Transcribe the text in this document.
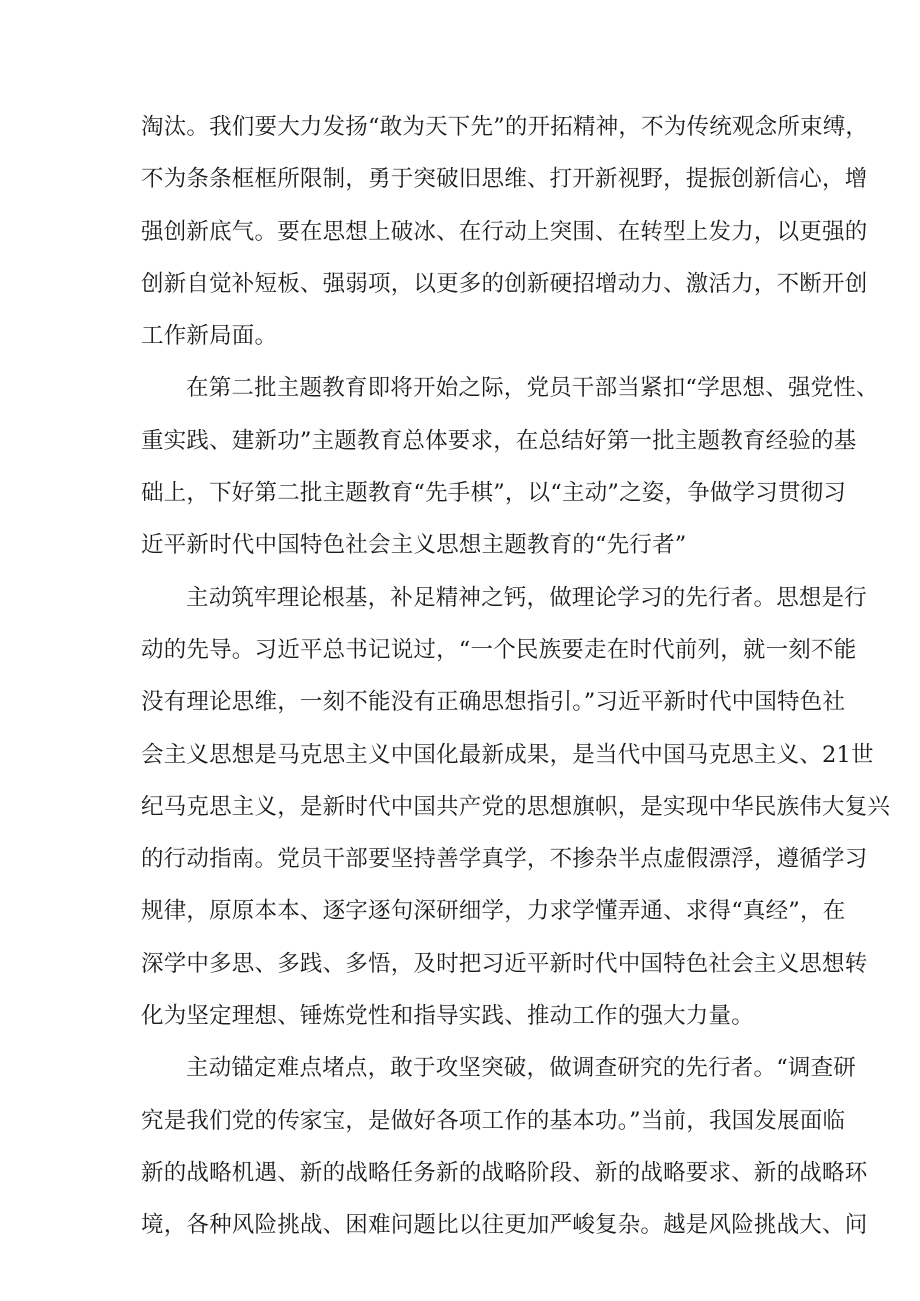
淘汰。我们要大力发扬“敢为天下先”的开拓精神，不为传统观念所束缚，
不为条条框框所限制，勇于突破旧思维、打开新视野，提振创新信心，增
强创新底气。要在思想上破冰、在行动上突围、在转型上发力，以更强的
创新自觉补短板、强弱项，以更多的创新硬招增动力、激活力，不断开创
工作新局面。
在第二批主题教育即将开始之际，党员干部当紧扣“学思想、强党性、
重实践、建新功”主题教育总体要求，在总结好第一批主题教育经验的基
础上，下好第二批主题教育“先手棋”，以“主动”之姿，争做学习贯彻习
近平新时代中国特色社会主义思想主题教育的“先行者”
主动筑牢理论根基，补足精神之钙，做理论学习的先行者。思想是行
动的先导。习近平总书记说过，“一个民族要走在时代前列，就一刻不能
没有理论思维，一刻不能没有正确思想指引。”习近平新时代中国特色社
会主义思想是马克思主义中国化最新成果，是当代中国马克思主义、21世
纪马克思主义，是新时代中国共产党的思想旗帜，是实现中华民族伟大复兴
的行动指南。党员干部要坚持善学真学，不掺杂半点虚假漂浮，遵循学习
规律，原原本本、逐字逐句深研细学，力求学懂弄通、求得“真经”，在
深学中多思、多践、多悟，及时把习近平新时代中国特色社会主义思想转
化为坚定理想、锤炼党性和指导实践、推动工作的强大力量。
主动锚定难点堵点，敢于攻坚突破，做调查研究的先行者。“调查研
究是我们党的传家宝，是做好各项工作的基本功。”当前，我国发展面临
新的战略机遇、新的战略任务新的战略阶段、新的战略要求、新的战略环
境，各种风险挑战、困难问题比以往更加严峻复杂。越是风险挑战大、问
